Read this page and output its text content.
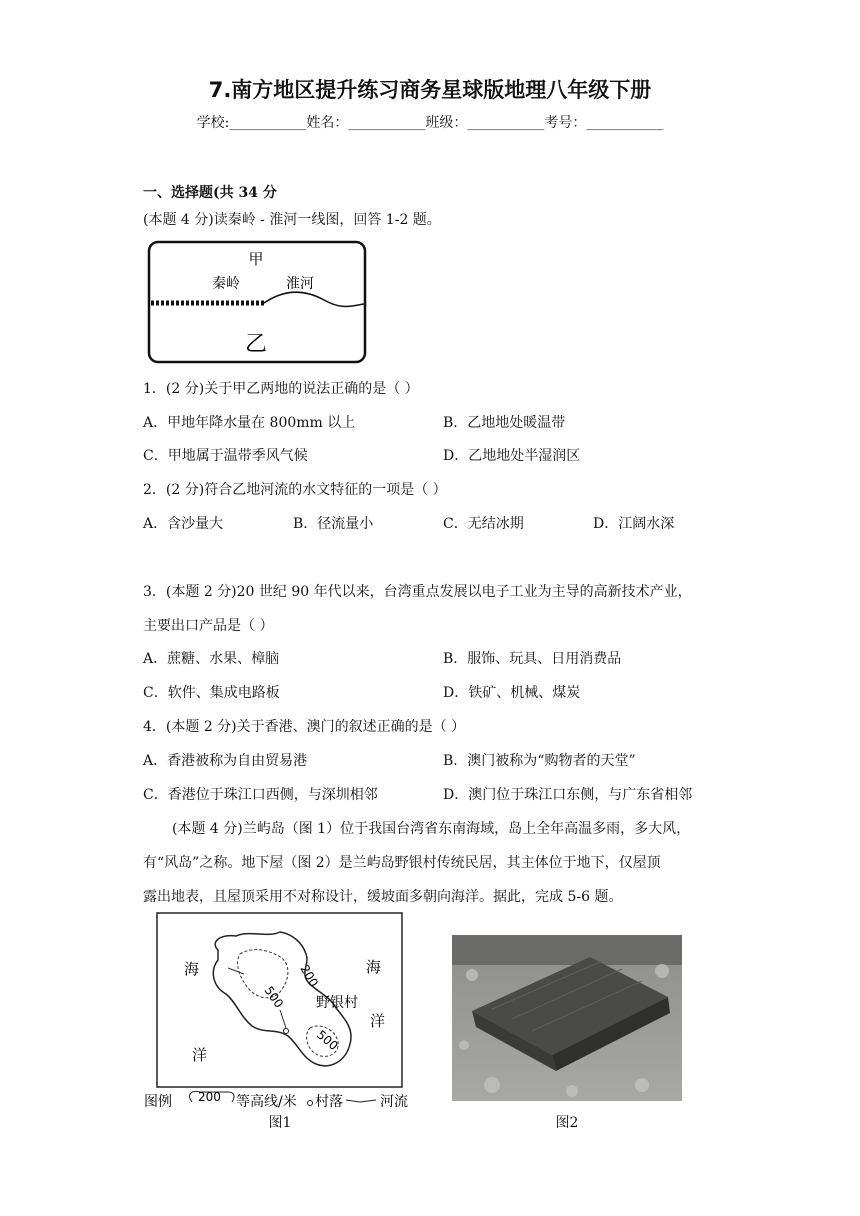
7.南方地区提升练习商务星球版地理八年级下册
学校:___________姓名：___________班级：___________考号：___________
一、选择题(共 34 分
(本题 4 分)读秦岭 - 淮河一线图，回答 1-2 题。
甲
秦岭	淮河
乙
1．(2 分)关于甲乙两地的说法正确的是（ ）
A．甲地年降水量在 800mm 以上	B．乙地地处暖温带
C．甲地属于温带季风气候	D．乙地地处半湿润区
2．(2 分)符合乙地河流的水文特征的一项是（ ）
A．含沙量大	B．径流量小	C．无结冰期	D．江阔水深
3．(本题 2 分)20 世纪 90 年代以来，台湾重点发展以电子工业为主导的高新技术产业，
主要出口产品是（ ）
A．蔗糖、水果、樟脑	B．服饰、玩具、日用消费品
C．软件、集成电路板	D．铁矿、机械、煤炭
4．(本题 2 分)关于香港、澳门的叙述正确的是（ ）
A．香港被称为自由贸易港	B．澳门被称为“购物者的天堂”
C．香港位于珠江口西侧，与深圳相邻	D．澳门位于珠江口东侧，与广东省相邻
(本题 4 分)兰屿岛（图 1）位于我国台湾省东南海域，岛上全年高温多雨，多大风，
有“风岛”之称。地下屋（图 2）是兰屿岛野银村传统民居，其主体位于地下，仅屋顶
露出地表，且屋顶采用不对称设计，缓坡面多朝向海洋。据此，完成 5-6 题。
海	海
洋
洋
200
500
500
野银村
图例 200 等高线/米 村落	河流
图1	图2
